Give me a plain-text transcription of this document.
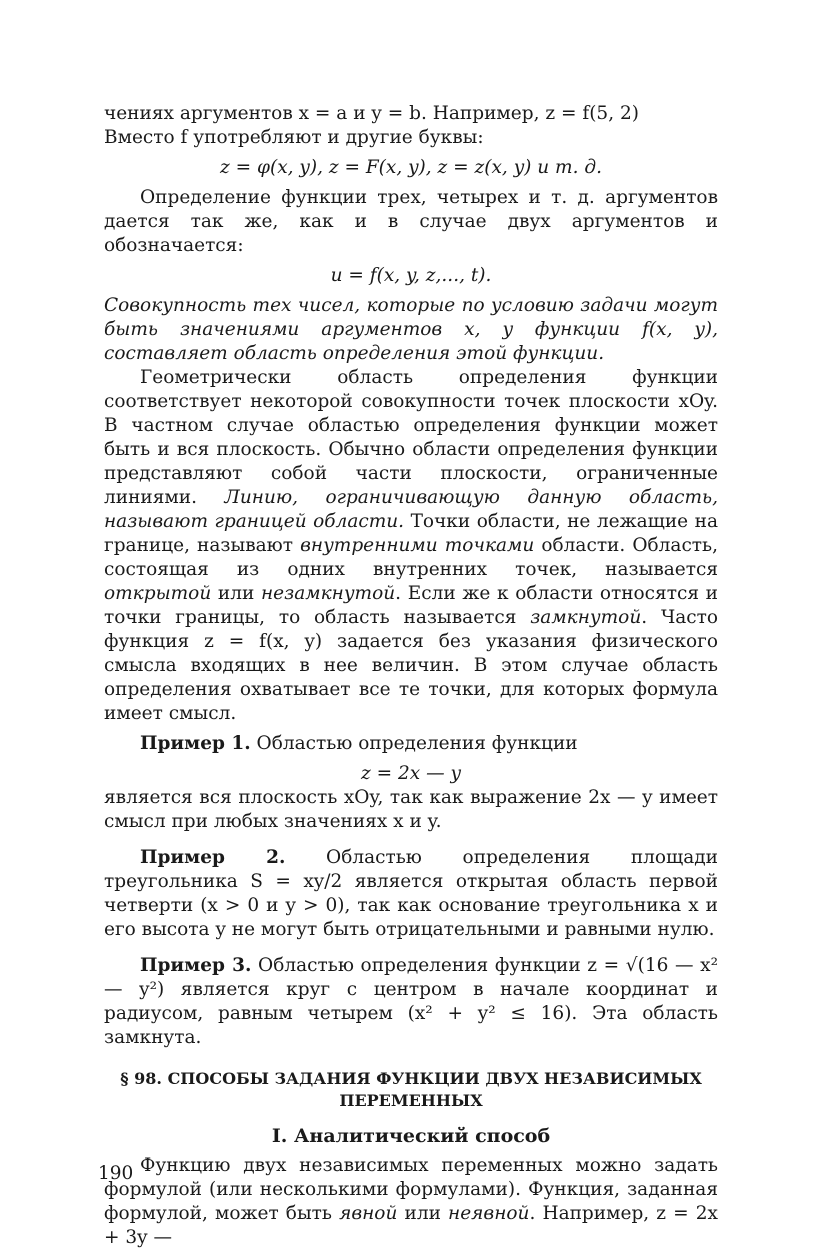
чениях аргументов x = a и y = b. Например, z = f(5, 2)

Вместо f употребляют и другие буквы:

z = φ(x, y), z = F(x, y), z = z(x, y) и т. д.

Определение функции трех, четырех и т. д. аргументов дается так же, как и в случае двух аргументов и обозначается:

u = f(x, y, z,..., t).

Совокупность тех чисел, которые по условию задачи могут быть значениями аргументов x, y функции f(x, y), составляет область определения этой функции.

Геометрически область определения функции соответствует некоторой совокупности точек плоскости xOy. В частном случае областью определения функции может быть и вся плоскость. Обычно области определения функции представляют собой части плоскости, ограниченные линиями. Линию, ограничивающую данную область, называют границей области. Точки области, не лежащие на границе, называют внутренними точками области. Область, состоящая из одних внутренних точек, называется открытой или незамкнутой. Если же к области относятся и точки границы, то область называется замкнутой. Часто функция z = f(x, y) задается без указания физического смысла входящих в нее величин. В этом случае область определения охватывает все те точки, для которых формула имеет смысл.

Пример 1. Областью определения функции

z = 2x — y

является вся плоскость xOy, так как выражение 2x — y имеет смысл при любых значениях x и y.

Пример 2. Областью определения площади треугольника S = xy/2 является открытая область первой четверти (x > 0 и y > 0), так как основание треугольника x и его высота y не могут быть отрицательными и равными нулю.

Пример 3. Областью определения функции z = √(16 — x² — y²) является круг с центром в начале координат и радиусом, равным четырем (x² + y² ≤ 16). Эта область замкнута.

§ 98. СПОСОБЫ ЗАДАНИЯ ФУНКЦИИ ДВУХ НЕЗАВИСИМЫХ ПЕРЕМЕННЫХ

I. Аналитический способ

Функцию двух независимых переменных можно задать формулой (или несколькими формулами). Функция, заданная формулой, может быть явной или неявной. Например, z = 2x + 3y —

190
